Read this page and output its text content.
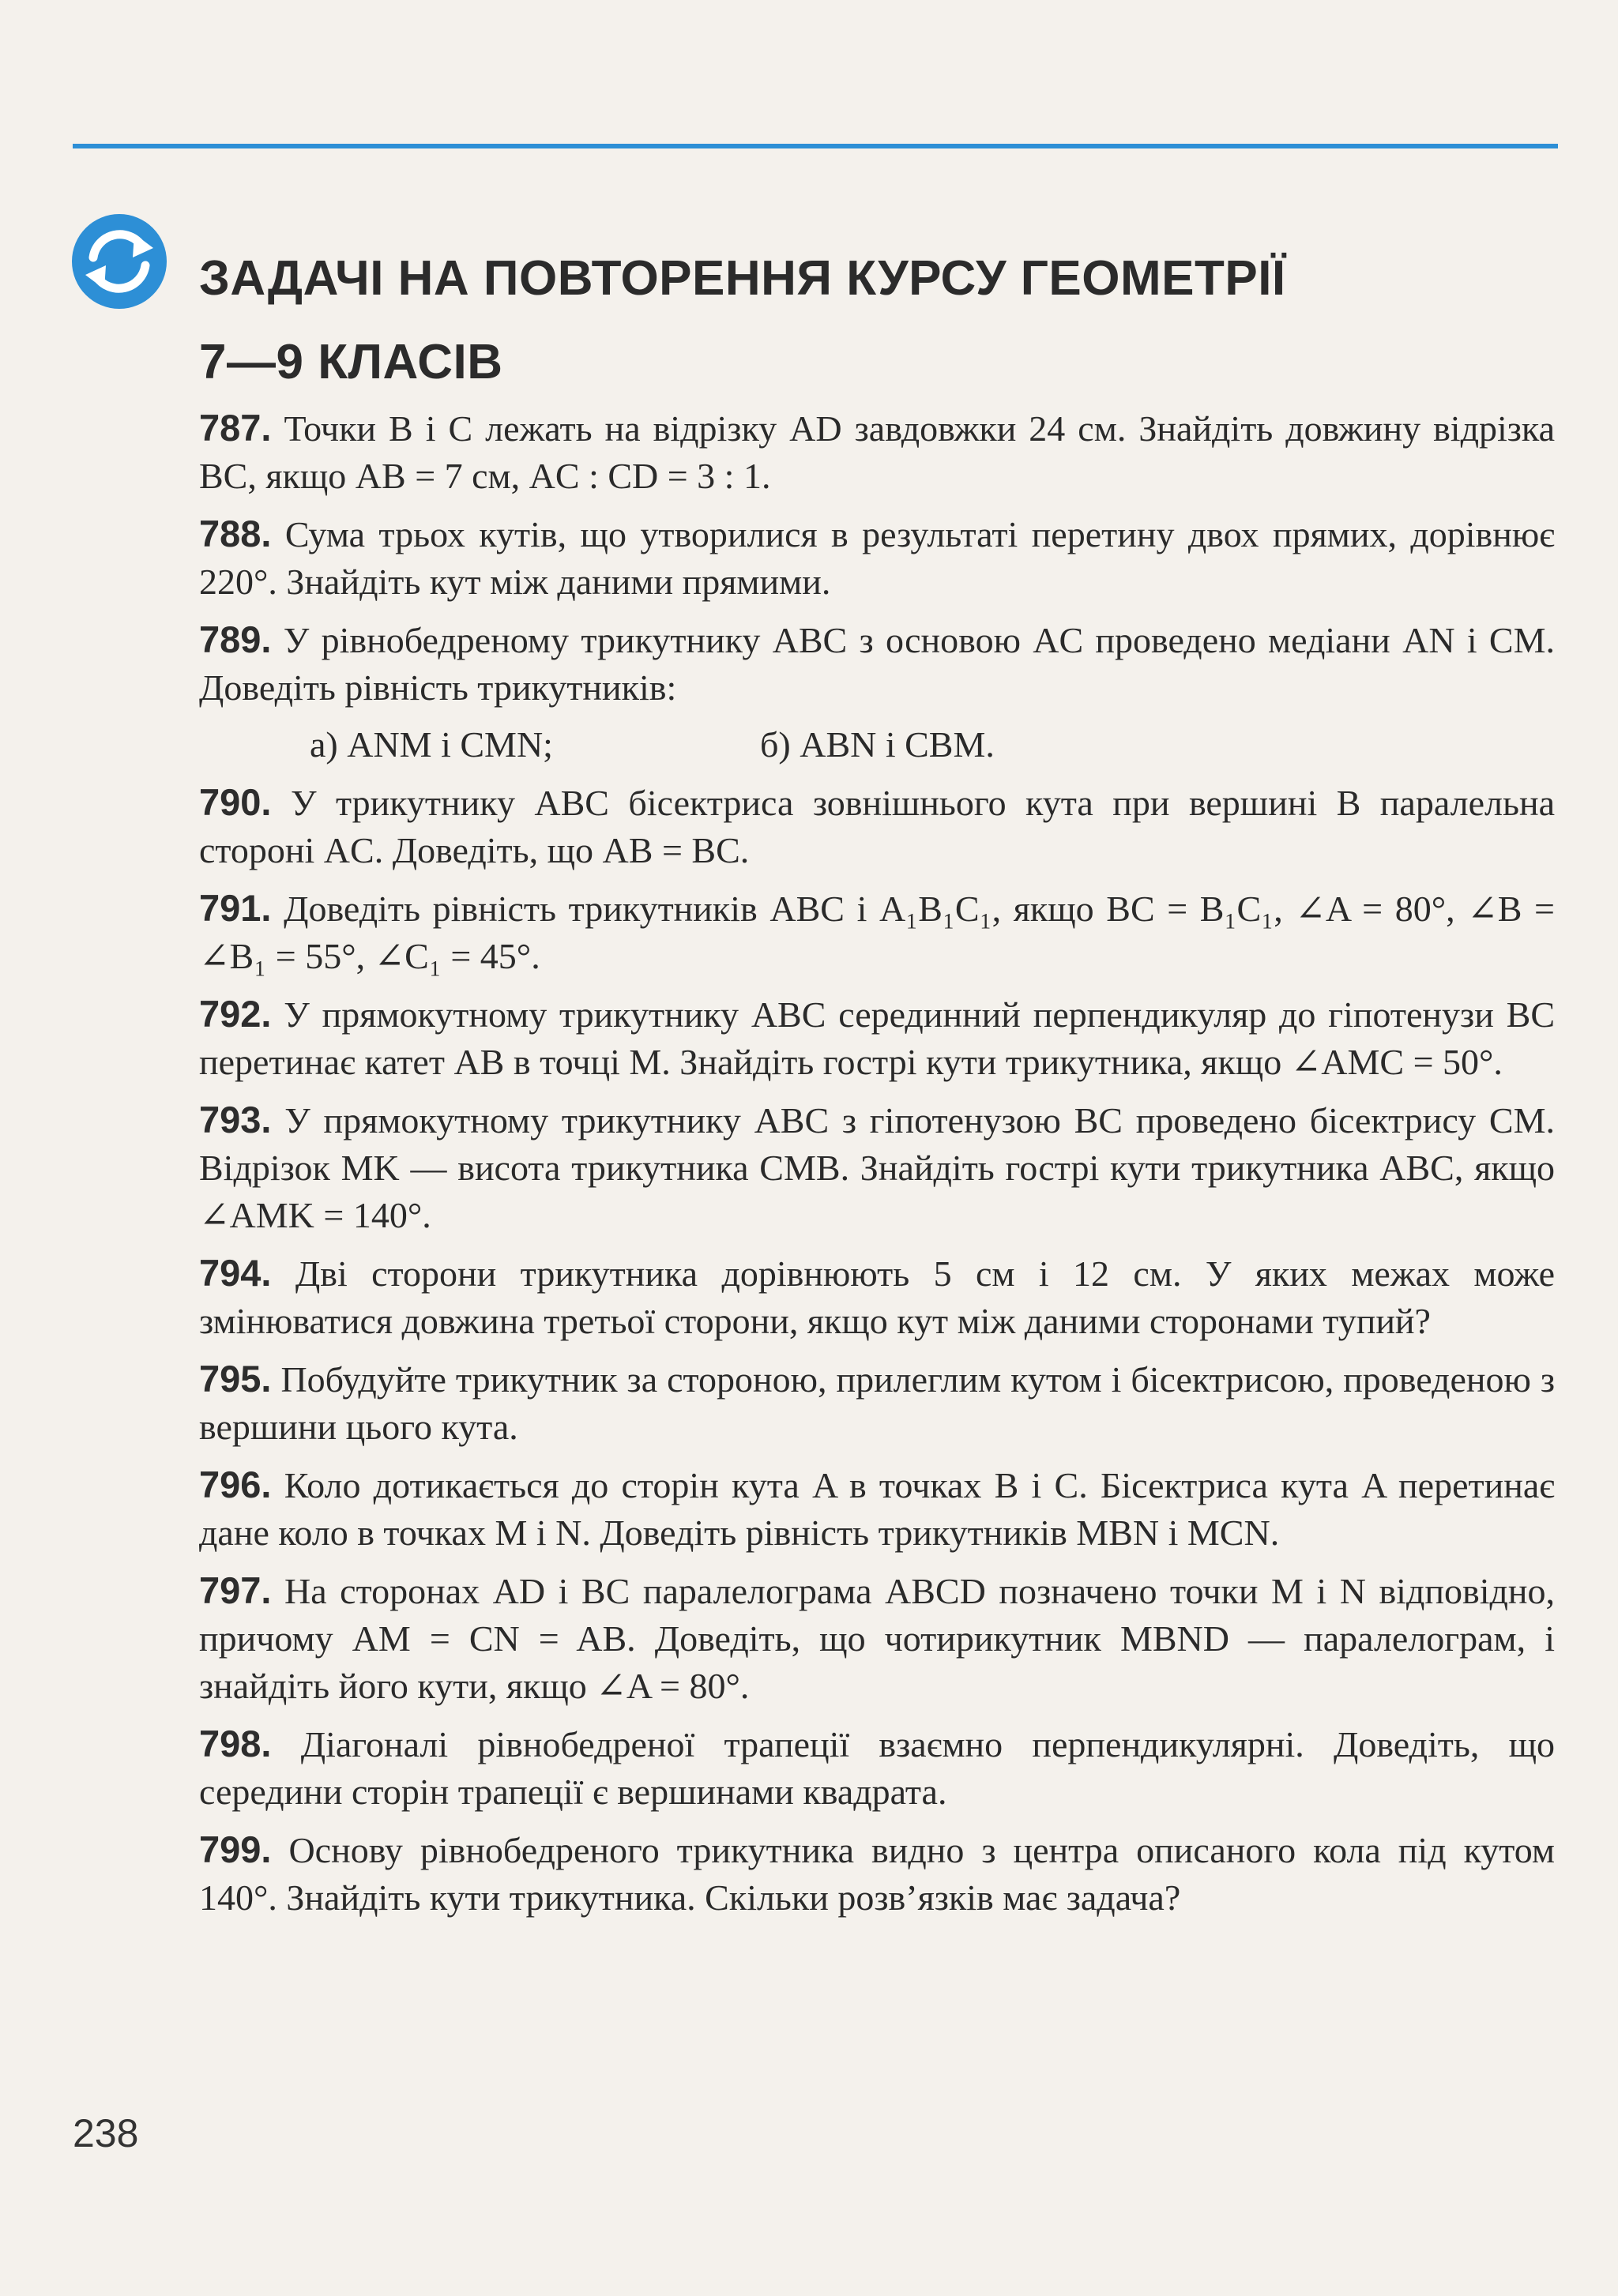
ЗАДАЧІ НА ПОВТОРЕННЯ КУРСУ ГЕОМЕТРІЇ
7—9 КЛАСІВ
787. Точки B і C лежать на відрізку AD завдовжки 24 см. Знайдіть довжину відрізка BC, якщо AB = 7 см, AC : CD = 3 : 1.
788. Сума трьох кутів, що утворилися в результаті перетину двох прямих, дорівнює 220°. Знайдіть кут між даними прямими.
789. У рівнобедреному трикутнику ABC з основою AC проведено медіани AN і CM. Доведіть рівність трикутників:
а) ANM і CMN;	б) ABN і CBM.
790. У трикутнику ABC бісектриса зовнішнього кута при вершині B паралельна стороні AC. Доведіть, що AB = BC.
791. Доведіть рівність трикутників ABC і A₁B₁C₁, якщо BC = B₁C₁, ∠A = 80°, ∠B = ∠B₁ = 55°, ∠C₁ = 45°.
792. У прямокутному трикутнику ABC серединний перпендикуляр до гіпотенузи BC перетинає катет AB в точці M. Знайдіть гострі кути трикутника, якщо ∠AMC = 50°.
793. У прямокутному трикутнику ABC з гіпотенузою BC проведено бісектрису CM. Відрізок MK — висота трикутника CMB. Знайдіть гострі кути трикутника ABC, якщо ∠AMK = 140°.
794. Дві сторони трикутника дорівнюють 5 см і 12 см. У яких межах може змінюватися довжина третьої сторони, якщо кут між даними сторонами тупий?
795. Побудуйте трикутник за стороною, прилеглим кутом і бісектрисою, проведеною з вершини цього кута.
796. Коло дотикається до сторін кута A в точках B і C. Бісектриса кута A перетинає дане коло в точках M і N. Доведіть рівність трикутників MBN і MCN.
797. На сторонах AD і BC паралелограма ABCD позначено точки M і N відповідно, причому AM = CN = AB. Доведіть, що чотирикутник MBND — паралелограм, і знайдіть його кути, якщо ∠A = 80°.
798. Діагоналі рівнобедреної трапеції взаємно перпендикулярні. Доведіть, що середини сторін трапеції є вершинами квадрата.
799. Основу рівнобедреного трикутника видно з центра описаного кола під кутом 140°. Знайдіть кути трикутника. Скільки розв’язків має задача?
238
